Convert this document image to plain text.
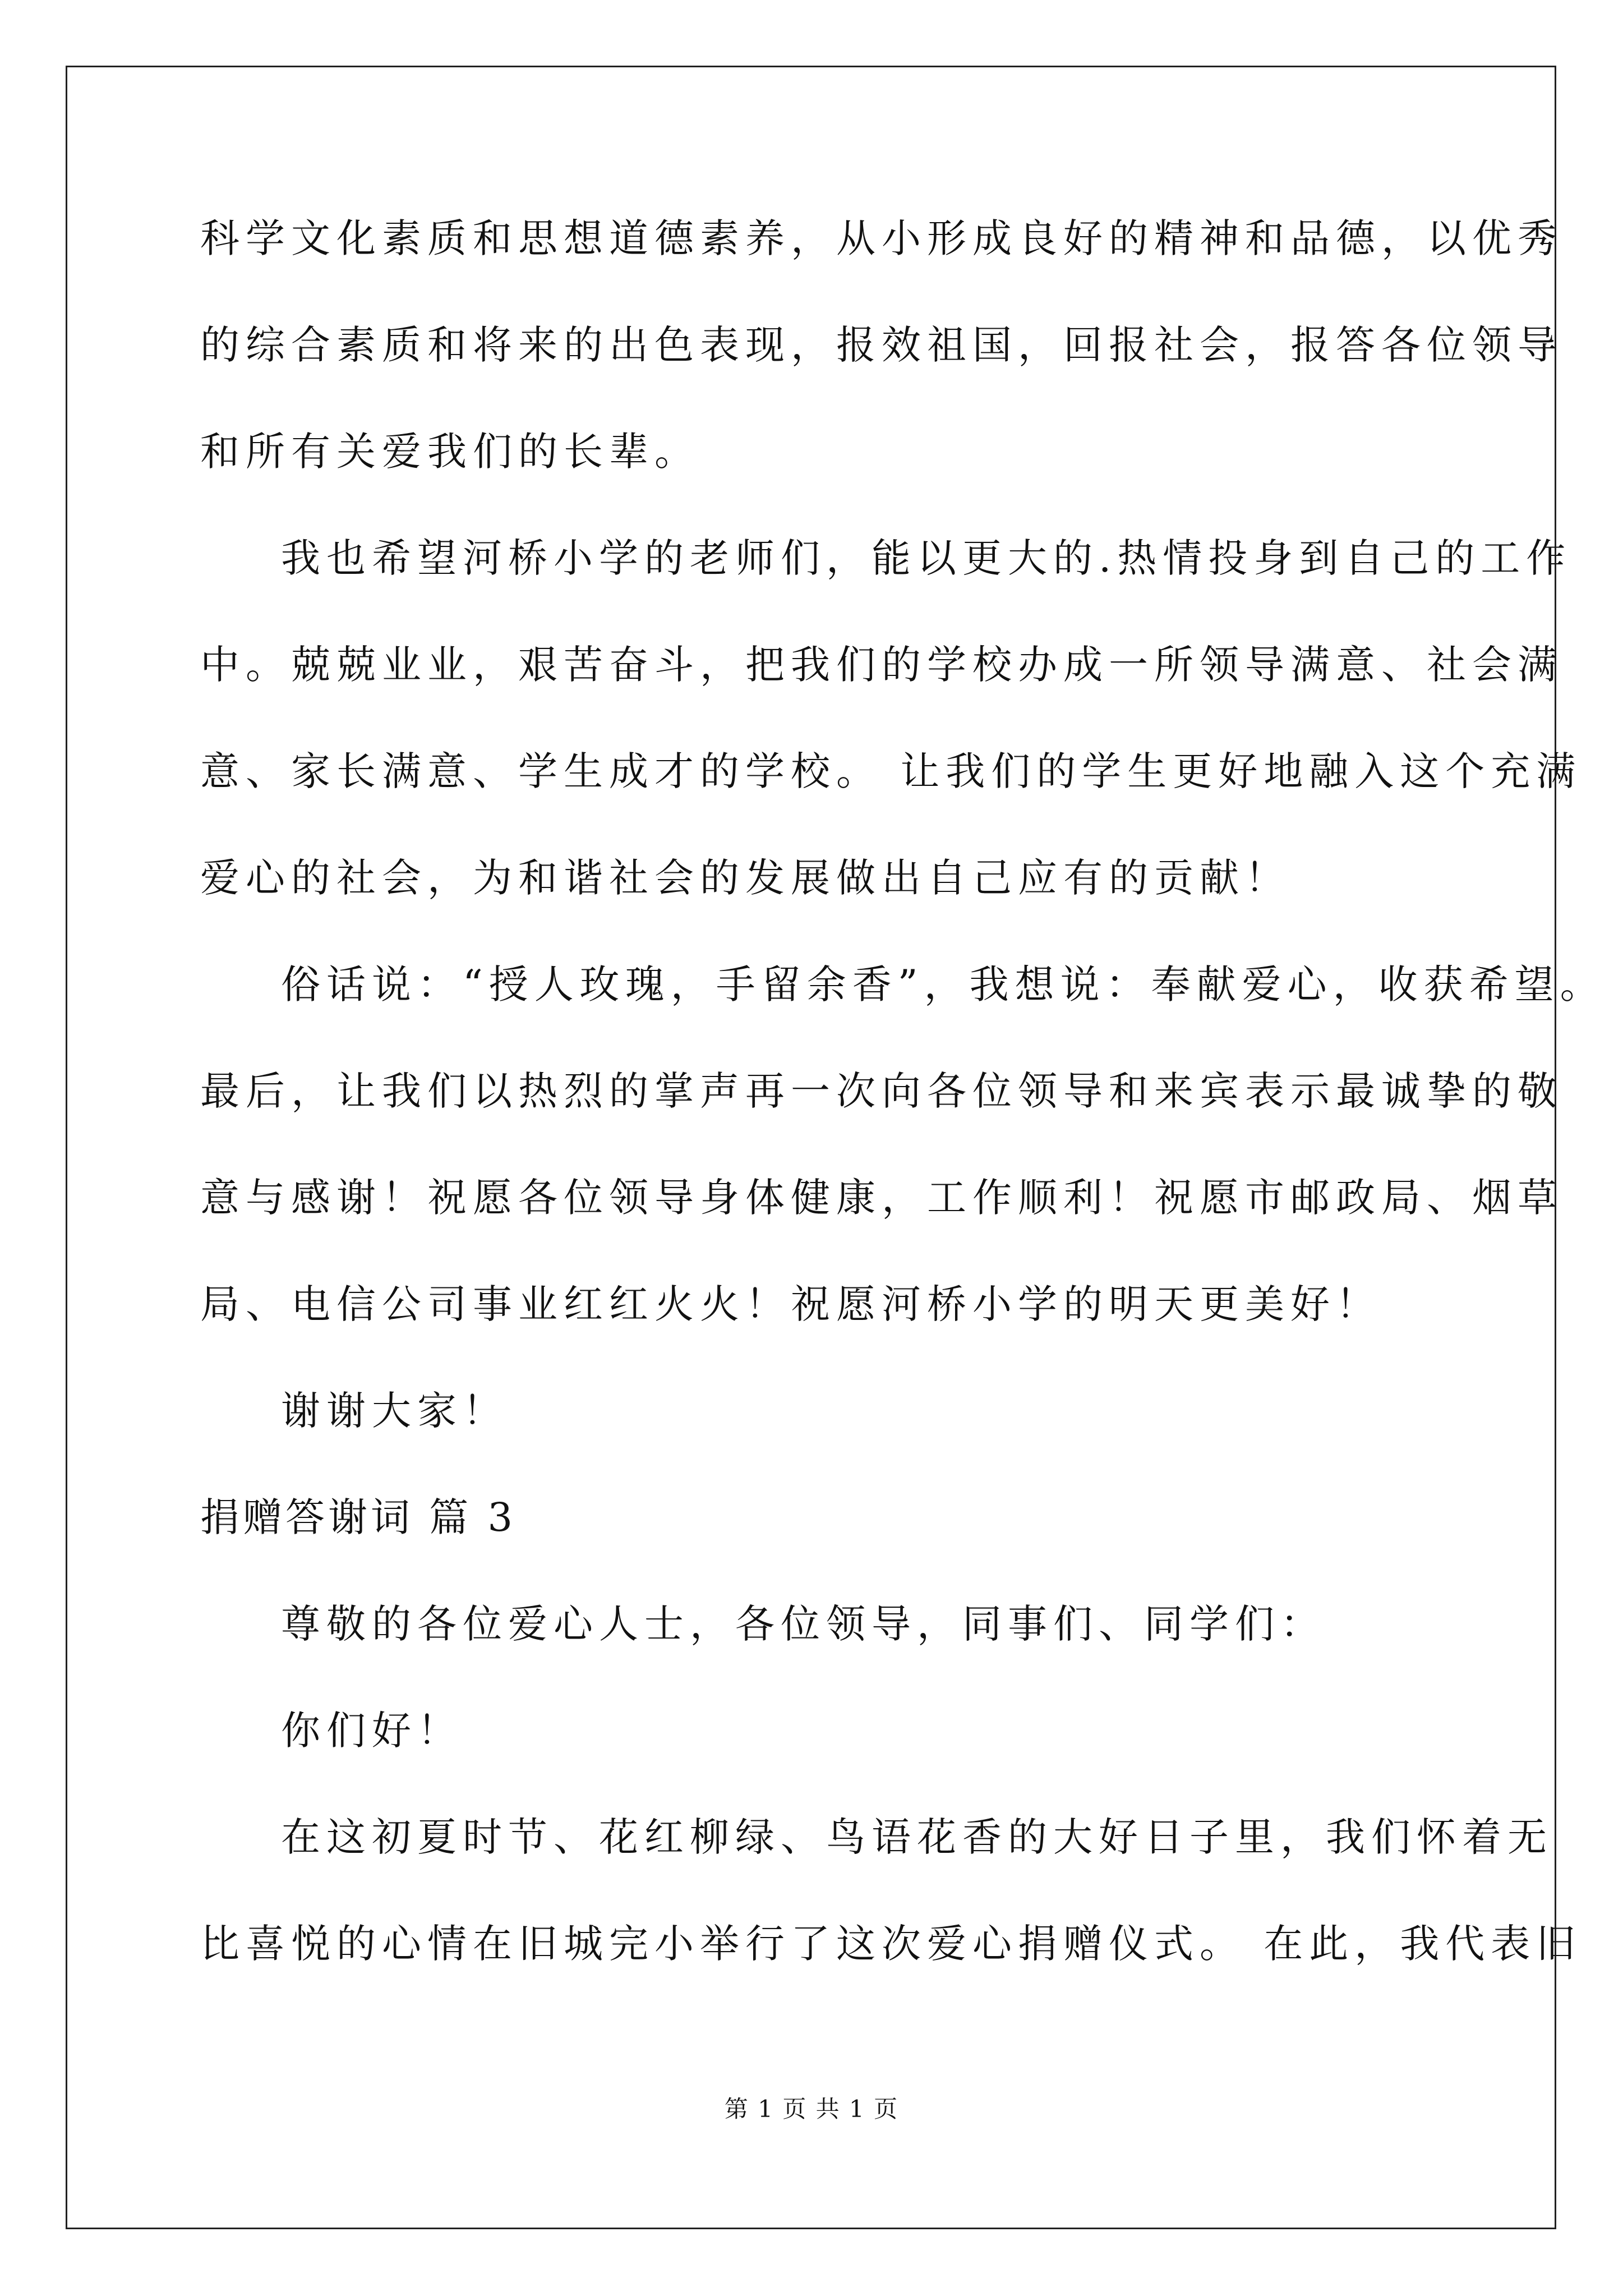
科学文化素质和思想道德素养，从小形成良好的精神和品德，以优秀
的综合素质和将来的出色表现，报效祖国，回报社会，报答各位领导
和所有关爱我们的长辈。
我也希望河桥小学的老师们，能以更大的.热情投身到自己的工作
中。兢兢业业，艰苦奋斗，把我们的学校办成一所领导满意、社会满
意、家长满意、学生成才的学校。 让我们的学生更好地融入这个充满
爱心的社会，为和谐社会的发展做出自己应有的贡献！
俗话说：“授人玫瑰，手留余香”，我想说：奉献爱心，收获希望。
最后，让我们以热烈的掌声再一次向各位领导和来宾表示最诚挚的敬
意与感谢！祝愿各位领导身体健康，工作顺利！祝愿市邮政局、烟草
局、电信公司事业红红火火！祝愿河桥小学的明天更美好！
谢谢大家！
捐赠答谢词 篇 3
尊敬的各位爱心人士，各位领导，同事们、同学们：
你们好！
在这初夏时节、花红柳绿、鸟语花香的大好日子里，我们怀着无
比喜悦的心情在旧城完小举行了这次爱心捐赠仪式。 在此，我代表旧
第 1 页 共 1 页
